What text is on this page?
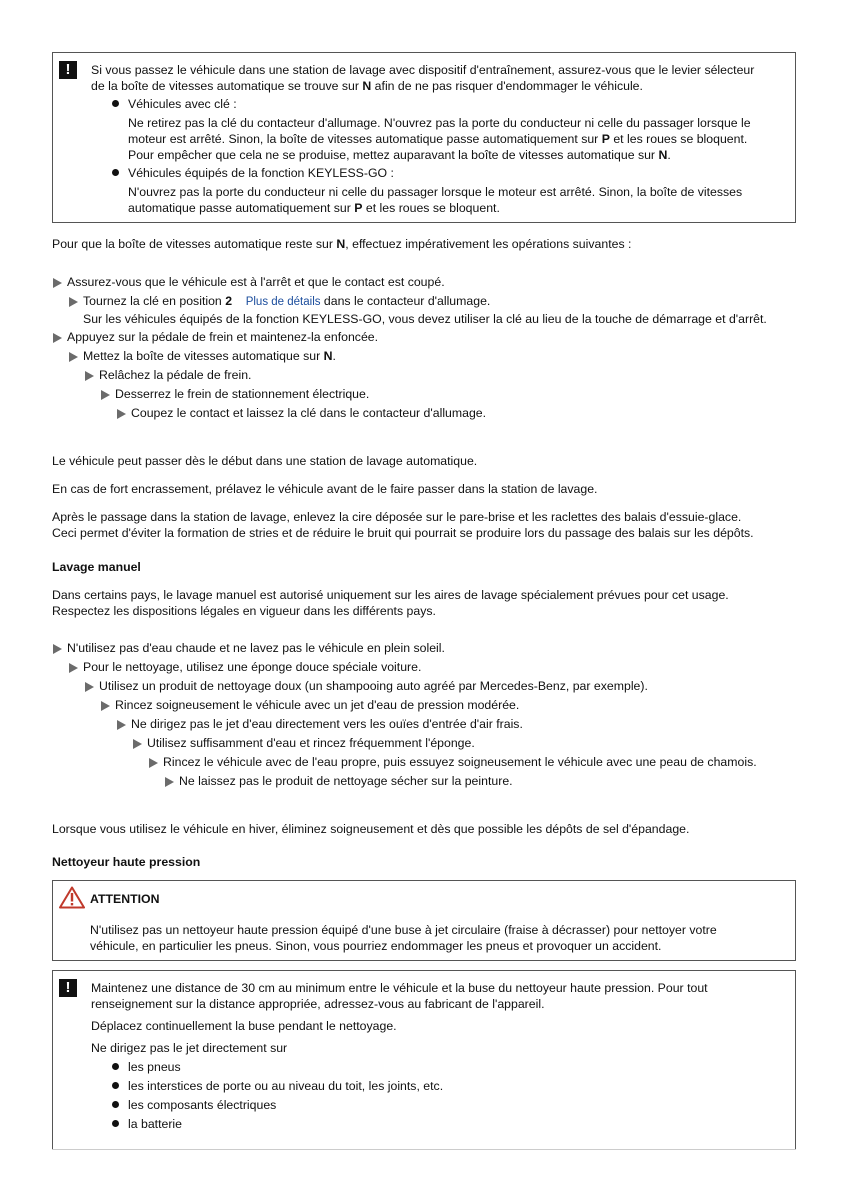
!	Si vous passez le véhicule dans une station de lavage avec dispositif d'entraînement, assurez-vous que le levier sélecteur
de la boîte de vitesses automatique se trouve sur N afin de ne pas risquer d'endommager le véhicule.
Véhicules avec clé :
Ne retirez pas la clé du contacteur d'allumage. N'ouvrez pas la porte du conducteur ni celle du passager lorsque le
moteur est arrêté. Sinon, la boîte de vitesses automatique passe automatiquement sur P et les roues se bloquent.
Pour empêcher que cela ne se produise, mettez auparavant la boîte de vitesses automatique sur N.
Véhicules équipés de la fonction KEYLESS-GO :
N'ouvrez pas la porte du conducteur ni celle du passager lorsque le moteur est arrêté. Sinon, la boîte de vitesses
automatique passe automatiquement sur P et les roues se bloquent.
Pour que la boîte de vitesses automatique reste sur N, effectuez impérativement les opérations suivantes :
Assurez-vous que le véhicule est à l'arrêt et que le contact est coupé.
Tournez la clé en position 2 Plus de détails dans le contacteur d'allumage.
Sur les véhicules équipés de la fonction KEYLESS-GO, vous devez utiliser la clé au lieu de la touche de démarrage et d'arrêt.
Appuyez sur la pédale de frein et maintenez-la enfoncée.
Mettez la boîte de vitesses automatique sur N.
Relâchez la pédale de frein.
Desserrez le frein de stationnement électrique.
Coupez le contact et laissez la clé dans le contacteur d'allumage.
Le véhicule peut passer dès le début dans une station de lavage automatique.
En cas de fort encrassement, prélavez le véhicule avant de le faire passer dans la station de lavage.
Après le passage dans la station de lavage, enlevez la cire déposée sur le pare-brise et les raclettes des balais d'essuie-glace.
Ceci permet d'éviter la formation de stries et de réduire le bruit qui pourrait se produire lors du passage des balais sur les dépôts.
Lavage manuel
Dans certains pays, le lavage manuel est autorisé uniquement sur les aires de lavage spécialement prévues pour cet usage.
Respectez les dispositions légales en vigueur dans les différents pays.
N'utilisez pas d'eau chaude et ne lavez pas le véhicule en plein soleil.
Pour le nettoyage, utilisez une éponge douce spéciale voiture.
Utilisez un produit de nettoyage doux (un shampooing auto agréé par Mercedes-Benz, par exemple).
Rincez soigneusement le véhicule avec un jet d'eau de pression modérée.
Ne dirigez pas le jet d'eau directement vers les ouïes d'entrée d'air frais.
Utilisez suffisamment d'eau et rincez fréquemment l'éponge.
Rincez le véhicule avec de l'eau propre, puis essuyez soigneusement le véhicule avec une peau de chamois.
Ne laissez pas le produit de nettoyage sécher sur la peinture.
Lorsque vous utilisez le véhicule en hiver, éliminez soigneusement et dès que possible les dépôts de sel d'épandage.
Nettoyeur haute pression
ATTENTION
N'utilisez pas un nettoyeur haute pression équipé d'une buse à jet circulaire (fraise à décrasser) pour nettoyer votre
véhicule, en particulier les pneus. Sinon, vous pourriez endommager les pneus et provoquer un accident.
!	Maintenez une distance de 30 cm au minimum entre le véhicule et la buse du nettoyeur haute pression. Pour tout
renseignement sur la distance appropriée, adressez-vous au fabricant de l'appareil.
Déplacez continuellement la buse pendant le nettoyage.
Ne dirigez pas le jet directement sur
les pneus
les interstices de porte ou au niveau du toit, les joints, etc.
les composants électriques
la batterie
